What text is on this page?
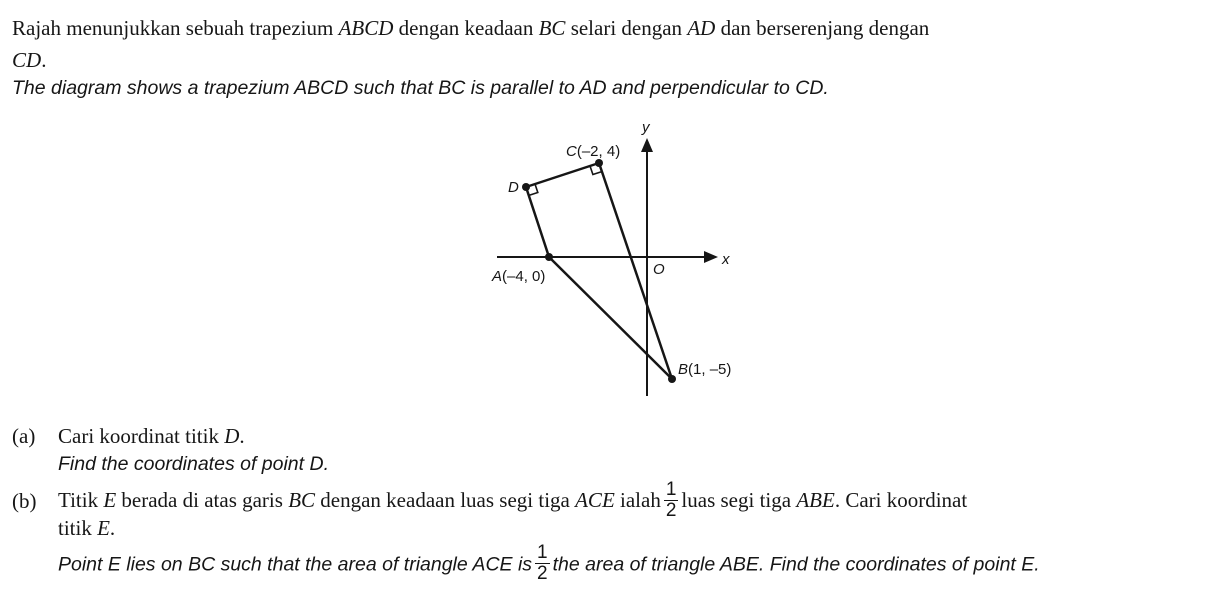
Rajah menunjukkan sebuah trapezium ABCD dengan keadaan BC selari dengan AD dan berserenjang dengan
CD.
The diagram shows a trapezium ABCD such that BC is parallel to AD and perpendicular to CD.
x
y
O
C(–2, 4)
D
A(–4, 0)
B(1, –5)
(a) Cari koordinat titik D.
Find the coordinates of point D.
(b) Titik E berada di atas garis BC dengan keadaan luas segi tiga ACE ialah $\frac{1}{2}$ luas segi tiga ABE. Cari koordinat
titik E.
Point E lies on BC such that the area of triangle ACE is $\frac{1}{2}$ the area of triangle ABE. Find the coordinates of point E.
